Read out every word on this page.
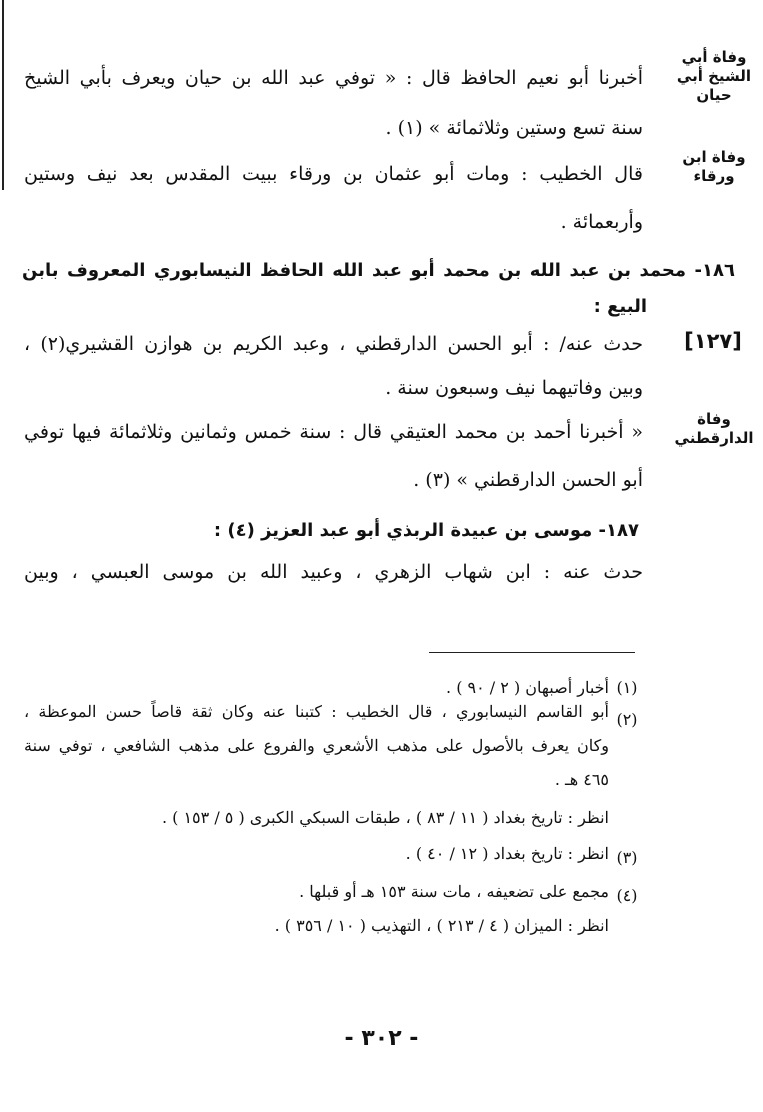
وفاة أبي الشيخ أبي حيان
وفاة ابن ورقاء
[١٢٧]
وفاة الدارقطني
أخبرنا أبو نعيم الحافظ قال : « توفي عبد الله بن حيان ويعرف بأبي الشيخ
سنة تسع وستين وثلاثمائة » (١) .
قال الخطيب : ومات أبو عثمان بن ورقاء ببيت المقدس بعد نيف وستين
وأربعمائة .
١٨٦- محمد بن عبد الله بن محمد أبو عبد الله الحافظ النيسابوري المعروف بابن
البيع :
حدث عنه/ : أبو الحسن الدارقطني ، وعبد الكريم بن هوازن القشيري(٢) ،
وبين وفاتيهما نيف وسبعون سنة .
« أخبرنا أحمد بن محمد العتيقي قال : سنة خمس وثمانين وثلاثمائة فيها توفي
أبو الحسن الدارقطني » (٣) .
١٨٧- موسى بن عبيدة الربذي أبو عبد العزيز (٤) :
حدث عنه : ابن شهاب الزهري ، وعبيد الله بن موسى العبسي ، وبين
(١)
أخبار أصبهان ( ٢ / ٩٠ ) .
(٢)
أبو القاسم النيسابوري ، قال الخطيب : كتبنا عنه وكان ثقة قاصاً حسن الموعظة ،
وكان يعرف بالأصول على مذهب الأشعري والفروع على مذهب الشافعي ، توفي سنة
٤٦٥ هـ .
انظر : تاريخ بغداد ( ١١ / ٨٣ ) ، طبقات السبكي الكبرى ( ٥ / ١٥٣ ) .
(٣)
انظر : تاريخ بغداد ( ١٢ / ٤٠ ) .
(٤)
مجمع على تضعيفه ، مات سنة ١٥٣ هـ أو قبلها .
انظر : الميزان ( ٤ / ٢١٣ ) ، التهذيب ( ١٠ / ٣٥٦ ) .
- ٣٠٢ -
